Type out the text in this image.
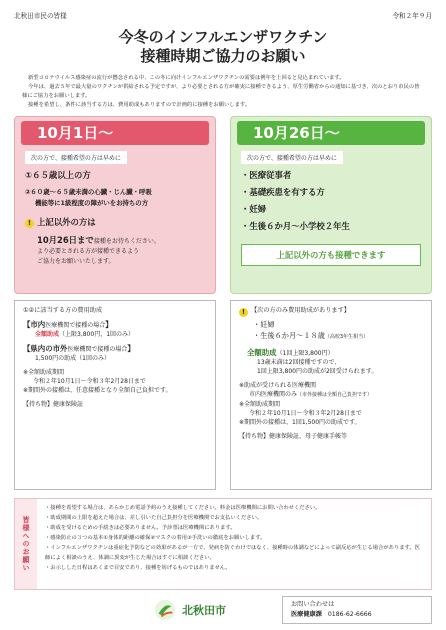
北秋田市民の皆様	令和２年９月
今冬のインフルエンザワクチン
接種時期ご協力のお願い

新型コロナウイルス感染症の流行が懸念される中、この冬に向けインフルエンザワクチンの需要は例年を上回ると見込まれています。

今年は、過去５年で最大量のワクチンが供給される予定ですが、より必要とされる方が確実に接種できるよう、厚生労働省からの通知に基づき、次のとおり市民の皆様にご協力をお願いします。

接種を希望し、条件に該当する方は、費用助成もありますので計画的に接種をお願いします。

10月1日～
次の方で、接種希望の方は早めに
①６５歳以上の方
②６０歳～６５歳未満の心臓・じん臓・呼吸
機能等に1級程度の障がいをお持ちの方
! 上記以外の方は
10月26日まで接種をお待ちください。
より必要とされる方が接種できるよう
ご協力をお願いいたします。
①②に該当する方の費用助成
【市内医療機関で接種の場合】
全額助成（上限3,800円、1回のみ）
【県内の市外医療機関で接種の場合】
1,500円の助成（1回のみ）
※全額助成期間
令和２年10月1日～令和３年2月28日まで
※期間外の接種は、任意接種となり全額自己負担です。
【持ち物】健康保険証
10月26日～
次の方で、接種希望の方は早めに
・医療従事者
・基礎疾患を有する方
・妊婦
・生後６か月～小学校２年生
上記以外の方も接種できます
! 【次の方のみ費用助成があります】
・妊婦
・生後６か月～１８歳（高校3年生相当）
全額助成（1回上限3,800円）
13歳未満は2回接種ですので、
1回上限3,800円の助成が2回受けられます。
※助成が受けられる医療機関
市内医療機関のみ（市外接種は全額自己負担です）
※全額助成期間
令和２年10月1日～令和３年2月28日まで
※期間外の接種は、1回1,500円の助成です。
【持ち物】健康保険証、母子健康手帳等
皆様へのお願い
・接種を希望する場合は、あらかじめ電話予約のうえ接種してください。料金は医療機関にお問い合わせください。
・助成期間の上限を超えた場合は、差し引いた自己負担分を医療機関でお支払いください。
・助成を受けるための手続きは必要ありません。予診票は医療機関にあります。
・感染防止の３つの基本①身体的距離の確保②マスクの着用③手洗いの徹底をお願いします。
・インフルエンザワクチンは重症化予防などの効果があるが一方で、発病を防ぐわけではなく、接種時の体調などによって副反応が生じる場合があります。医師によく相談のうえ、体調に異変が生じた場合はすぐに相談ください。
・お示しした日程はあくまで目安であり、接種を妨げるものではありません。
北秋田市	お問い合わせは
医療健康課 0186-62-6666
